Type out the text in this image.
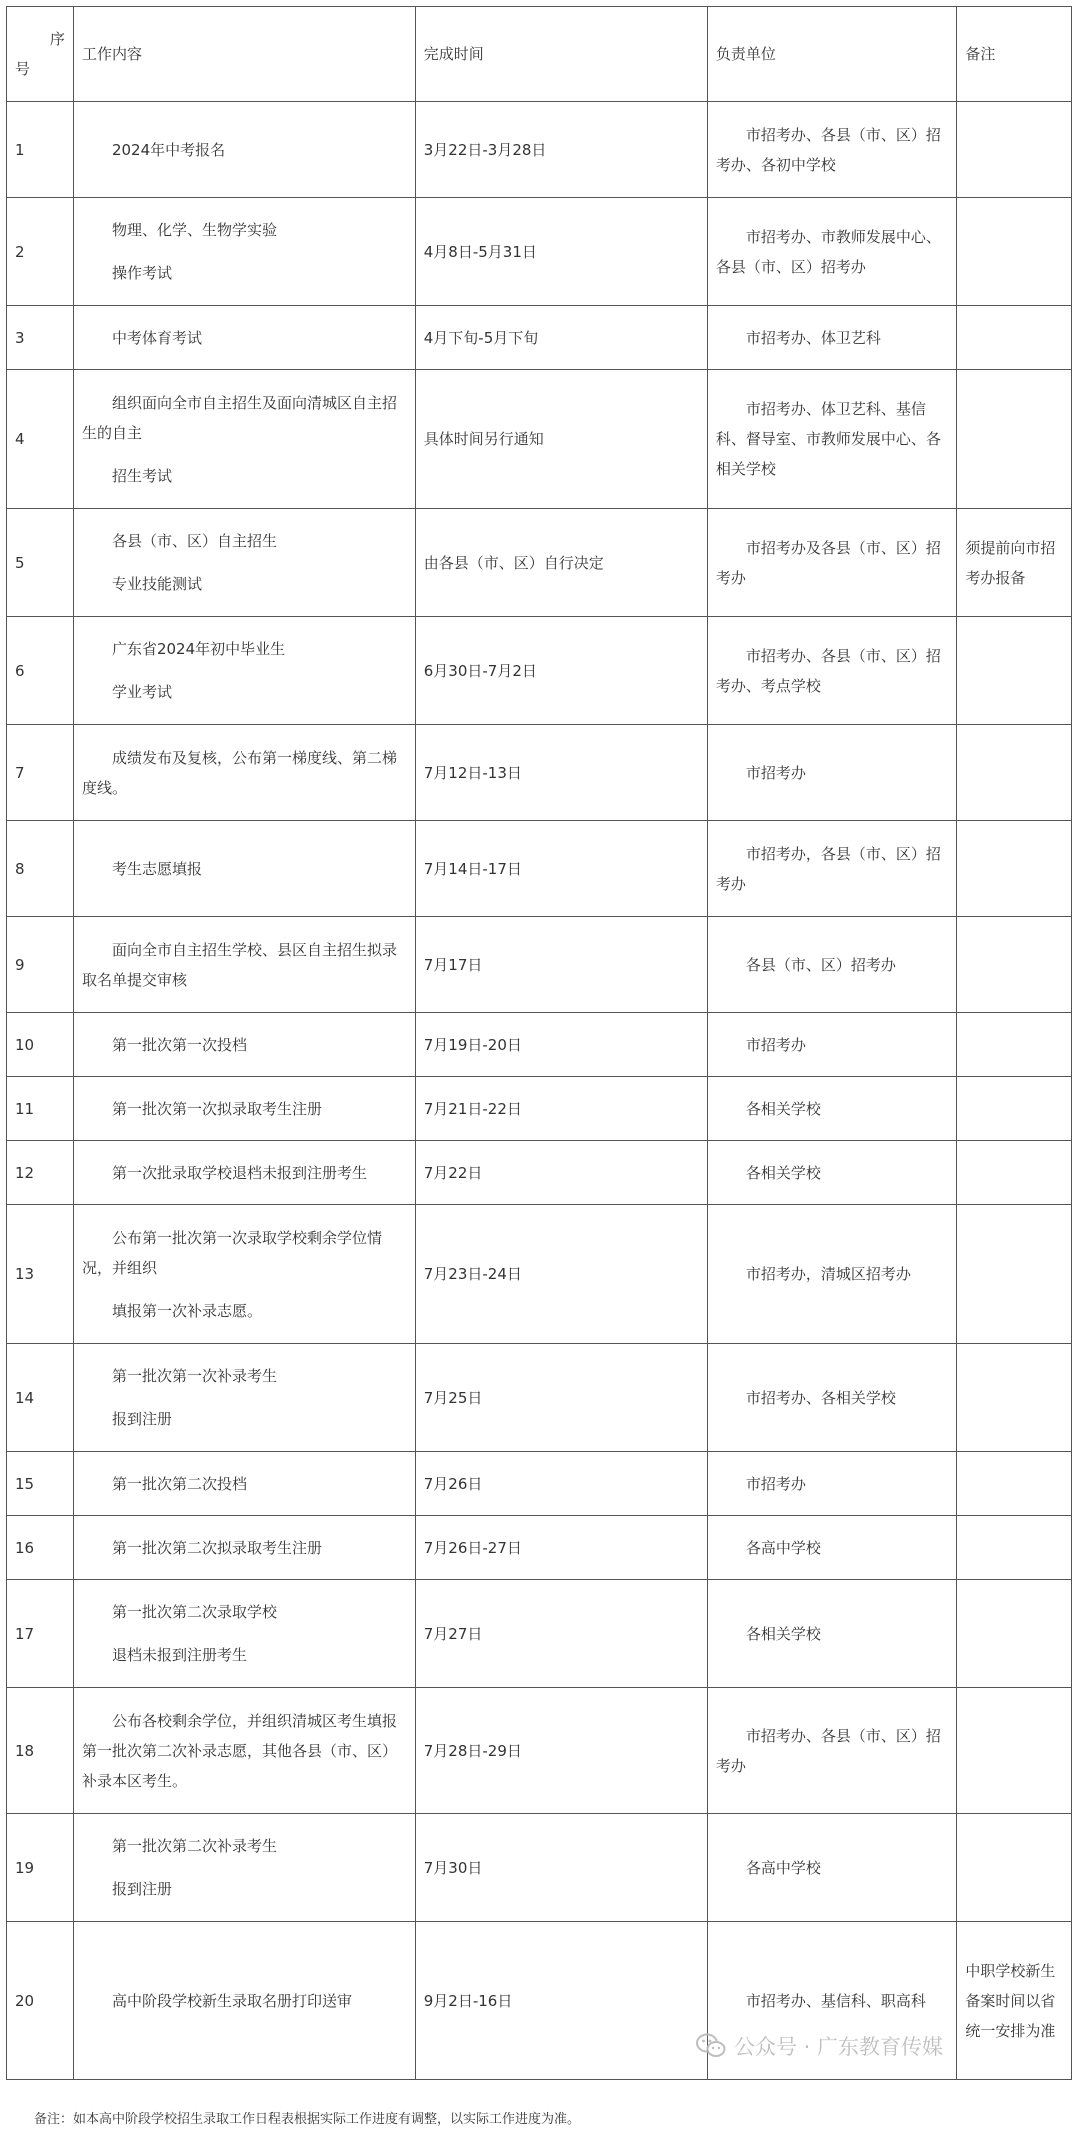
序
号	工作内容	完成时间	负责单位	备注
1	2024年中考报名	3月22日-3月28日	市招考办、各县（市、区）招考办、各初中学校	

2	物理、化学、生物学实验
操作考试	4月8日-5月31日	市招考办、市教师发展中心、各县（市、区）招考办	

3	中考体育考试	4月下旬-5月下旬	市招考办、体卫艺科	

4	组织面向全市自主招生及面向清城区自主招生的自主
招生考试	具体时间另行通知	市招考办、体卫艺科、基信科、督导室、市教师发展中心、各相关学校	

5	各县（市、区）自主招生
专业技能测试	由各县（市、区）自行决定	市招考办及各县（市、区）招考办	须提前向市招考办报备
6	广东省2024年初中毕业生
学业考试	6月30日-7月2日	市招考办、各县（市、区）招考办、考点学校	

7	成绩发布及复核，公布第一梯度线、第二梯度线。	7月12日-13日	市招考办	

8	考生志愿填报	7月14日-17日	市招考办，各县（市、区）招考办	

9	面向全市自主招生学校、县区自主招生拟录取名单提交审核	7月17日	各县（市、区）招考办	

10	第一批次第一次投档	7月19日-20日	市招考办	

11	第一批次第一次拟录取考生注册	7月21日-22日	各相关学校	

12	第一次批录取学校退档未报到注册考生	7月22日	各相关学校	

13	公布第一批次第一次录取学校剩余学位情况，并组织
填报第一次补录志愿。	7月23日-24日	市招考办，清城区招考办	

14	第一批次第一次补录考生
报到注册	7月25日	市招考办、各相关学校	

15	第一批次第二次投档	7月26日	市招考办	

16	第一批次第二次拟录取考生注册	7月26日-27日	各高中学校	

17	第一批次第二次录取学校
退档未报到注册考生	7月27日	各相关学校	

18	公布各校剩余学位，并组织清城区考生填报第一批次第二次补录志愿，其他各县（市、区）补录本区考生。	7月28日-29日	市招考办、各县（市、区）招考办	

19	第一批次第二次补录考生
报到注册	7月30日	各高中学校	

20	高中阶段学校新生录取名册打印送审	9月2日-16日	市招考办、基信科、职高科	中职学校新生备案时间以省统一安排为准

备注：如本高中阶段学校招生录取工作日程表根据实际工作进度有调整，以实际工作进度为准。

公众号 · 广东教育传媒
